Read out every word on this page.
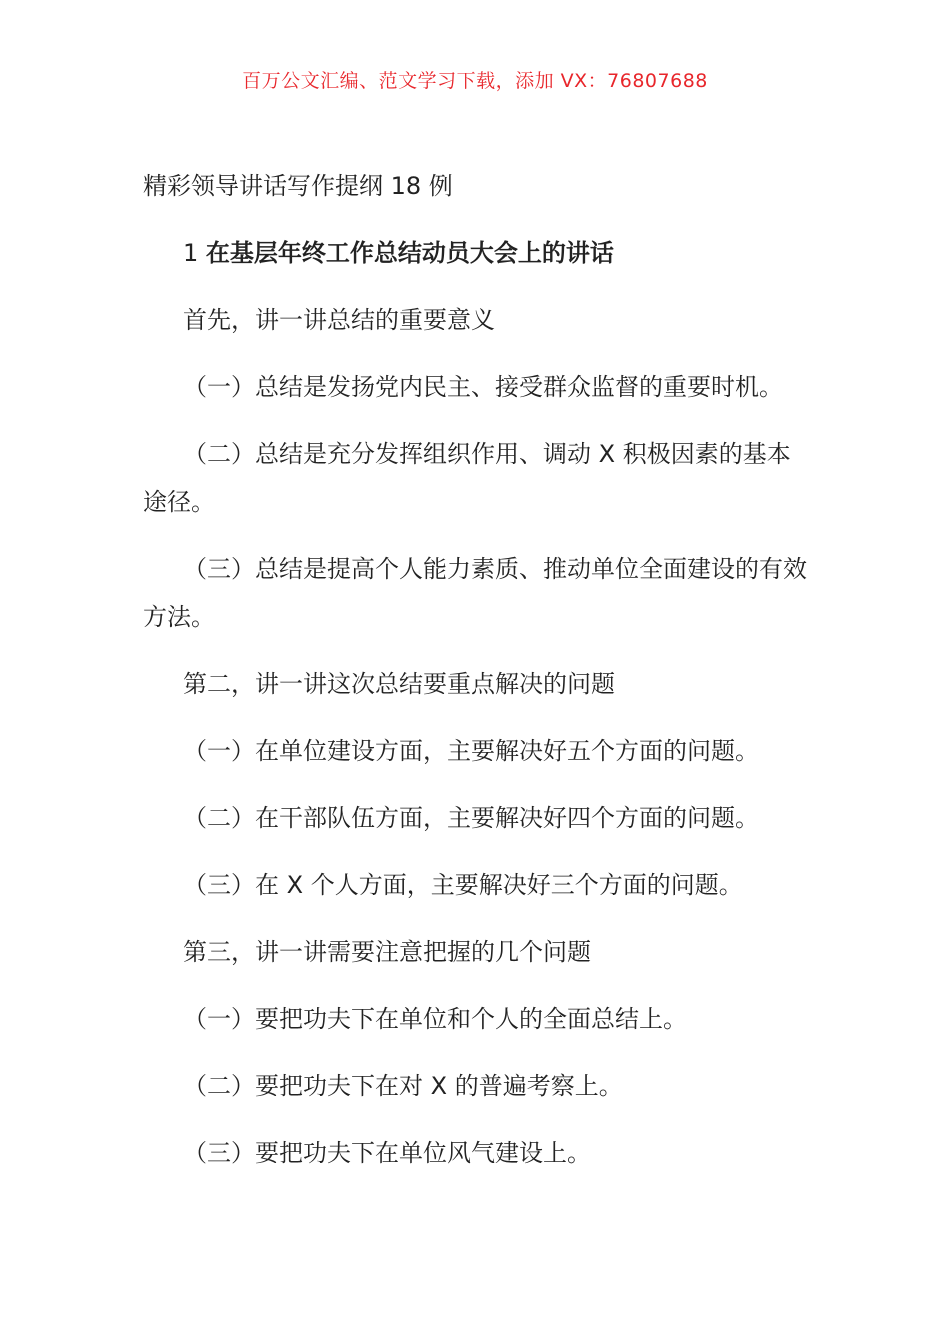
百万公文汇编、范文学习下载，添加 VX：76807688

精彩领导讲话写作提纲 18 例

1 在基层年终工作总结动员大会上的讲话

首先，讲一讲总结的重要意义

（一）总结是发扬党内民主、接受群众监督的重要时机。

（二）总结是充分发挥组织作用、调动 X 积极因素的基本途径。

（三）总结是提高个人能力素质、推动单位全面建设的有效方法。

第二，讲一讲这次总结要重点解决的问题

（一）在单位建设方面，主要解决好五个方面的问题。

（二）在干部队伍方面，主要解决好四个方面的问题。

（三）在 X 个人方面，主要解决好三个方面的问题。

第三，讲一讲需要注意把握的几个问题

（一）要把功夫下在单位和个人的全面总结上。

（二）要把功夫下在对 X 的普遍考察上。

（三）要把功夫下在单位风气建设上。
